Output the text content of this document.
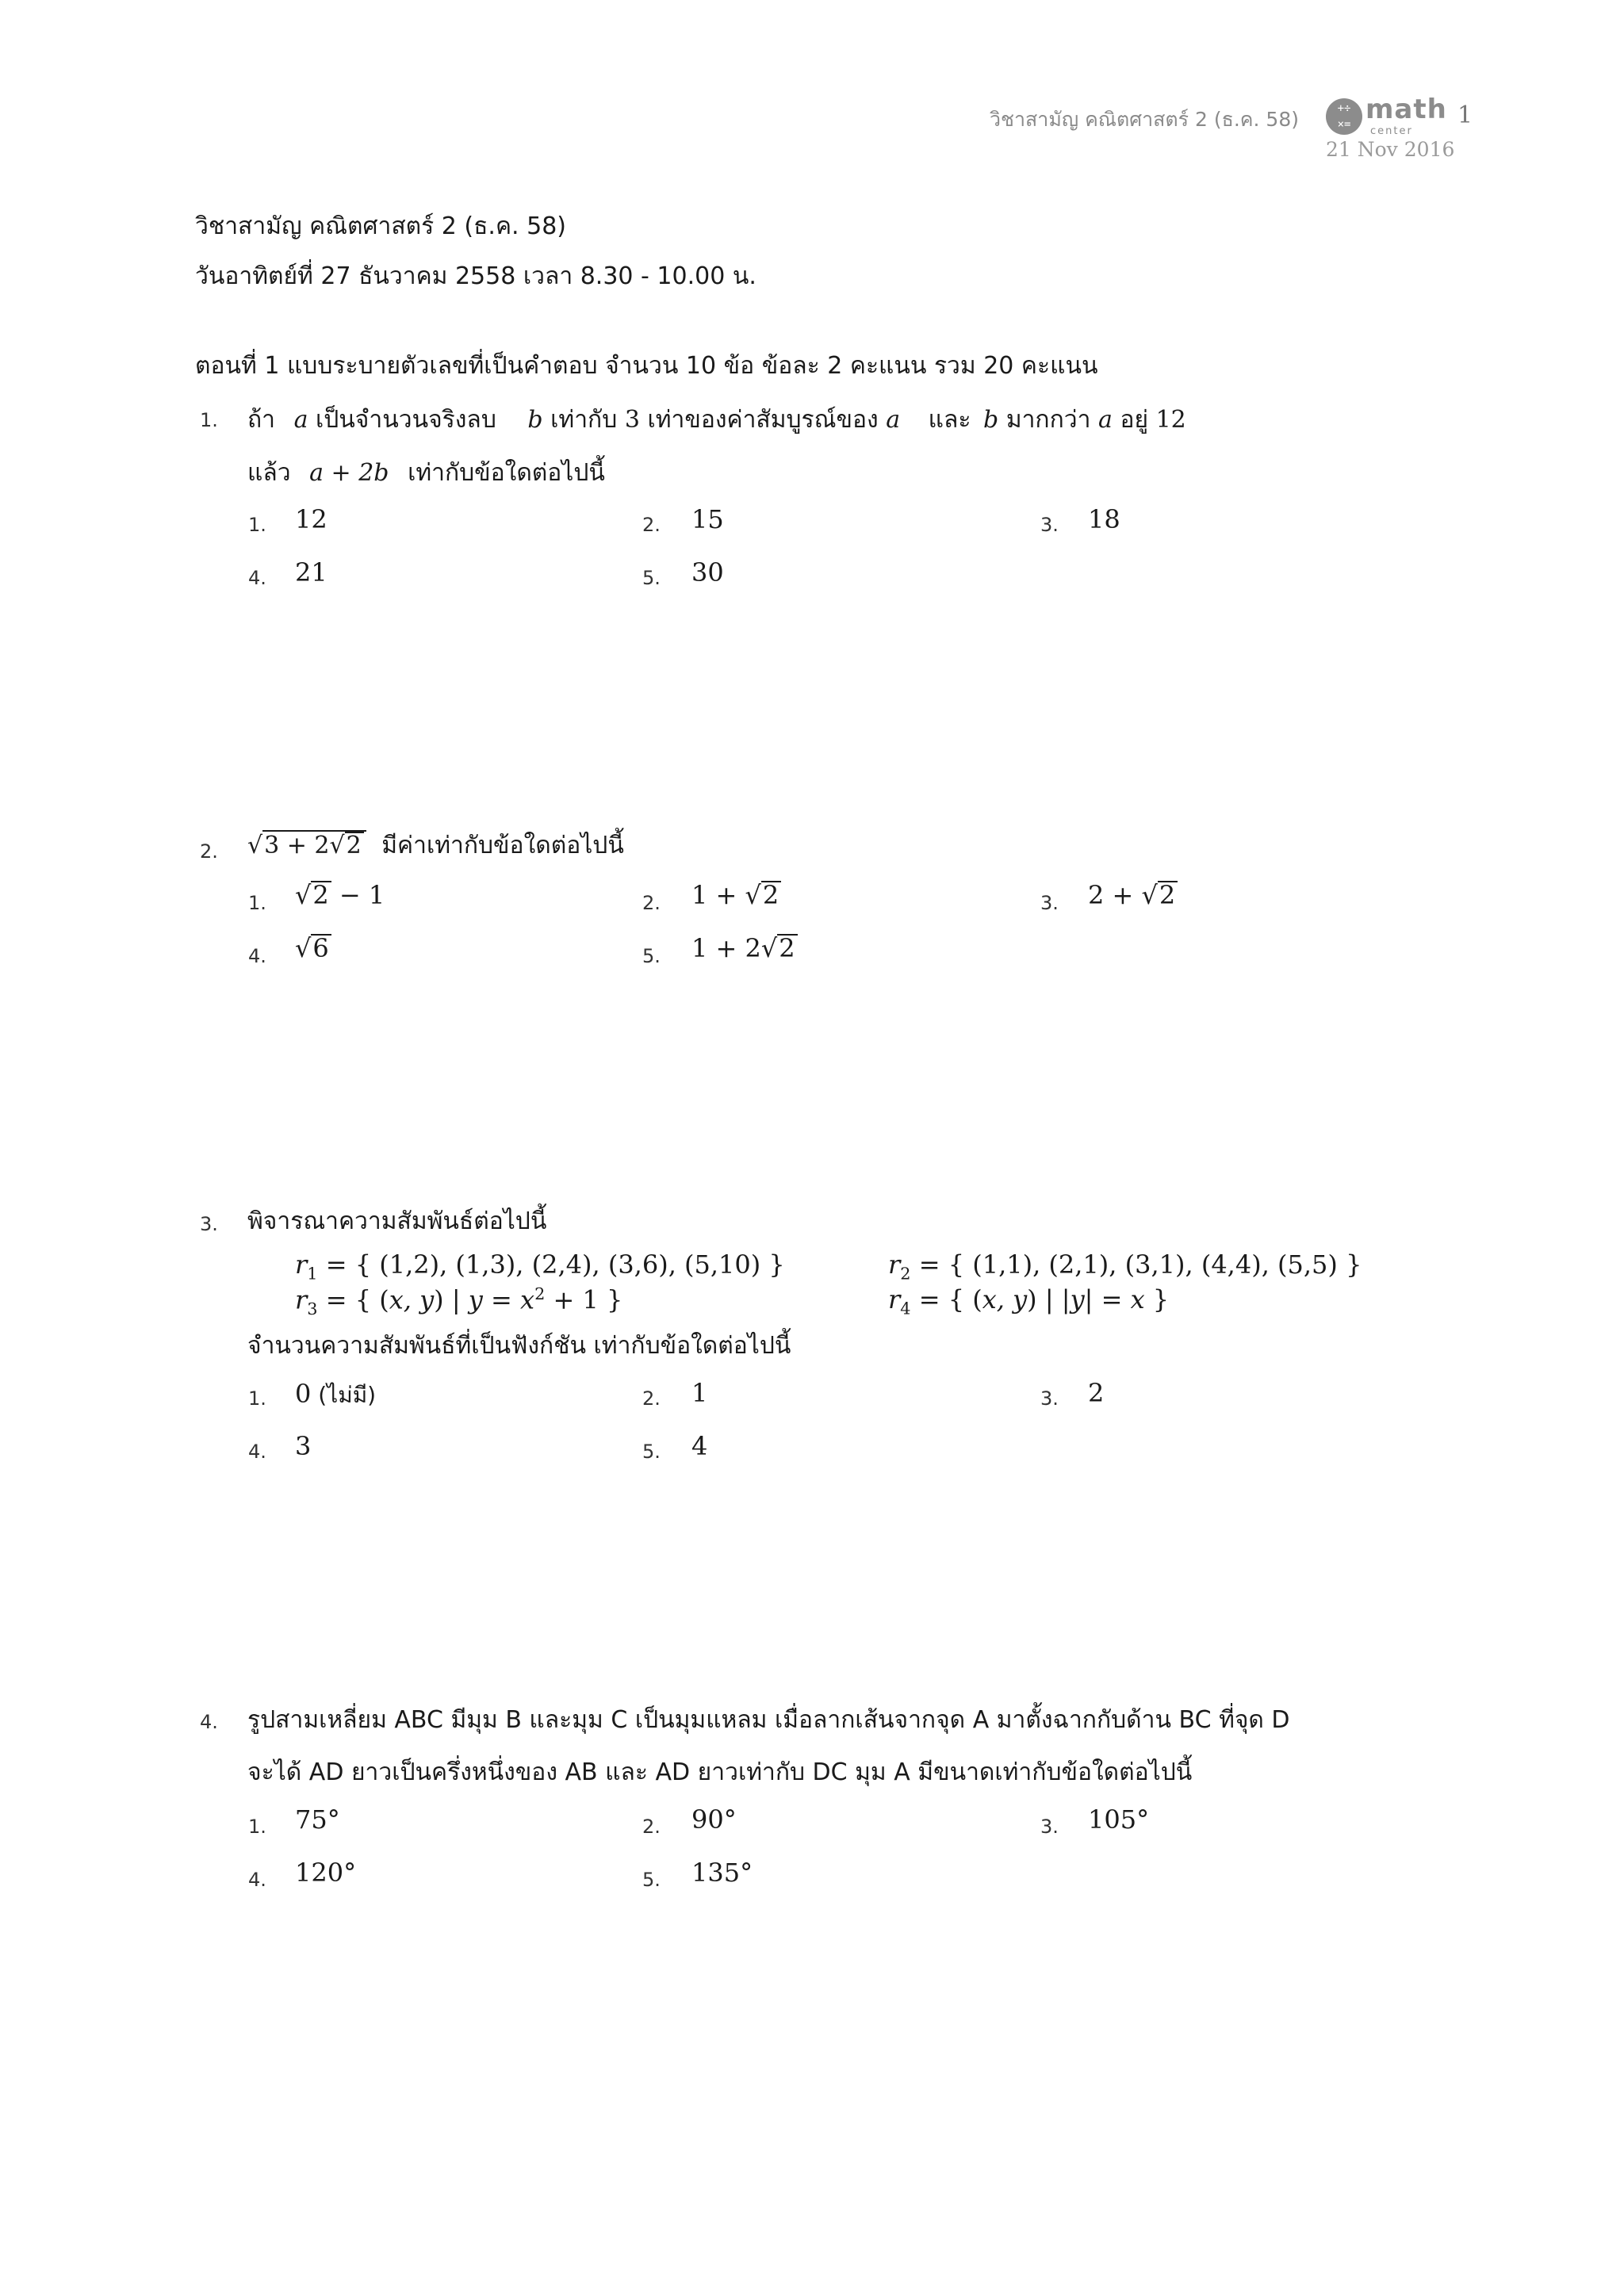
วิชาสามัญ คณิตศาสตร์ 2 (ธ.ค. 58)	+÷
×= math
center
1
21 Nov 2016
วิชาสามัญ คณิตศาสตร์ 2 (ธ.ค. 58)
วันอาทิตย์ที่ 27 ธันวาคม 2558 เวลา 8.30 - 10.00 น.
ตอนที่ 1 แบบระบายตัวเลขที่เป็นคำตอบ จำนวน 10 ข้อ ข้อละ 2 คะแนน รวม 20 คะแนน
1. ถ้า a เป็นจำนวนจริงลบ b เท่ากับ 3 เท่าของค่าสัมบูรณ์ของ a และ b มากกว่า a อยู่ 12
แล้ว a + 2b เท่ากับข้อใดต่อไปนี้
1. 12	2. 15	3. 18
4. 21	5. 30
2. √3 + 2√2 มีค่าเท่ากับข้อใดต่อไปนี้
1. √2 − 1	2. 1 + √2	3. 2 + √2
4. √6	5. 1 + 2√2
3. พิจารณาความสัมพันธ์ต่อไปนี้
$r_1$ = { (1,2), (1,3), (2,4), (3,6), (5,10) }	$r_2$ = { (1,1), (2,1), (3,1), (4,4), (5,5) }
$r_3$ = { (x, y) | $y = x^2 + 1$ }	$r_4$ = { (x, y) | |y| = x }
จำนวนความสัมพันธ์ที่เป็นฟังก์ชัน เท่ากับข้อใดต่อไปนี้
1. 0 (ไม่มี)	2. 1	3. 2
4. 3	5. 4
4. รูปสามเหลี่ยม ABC มีมุม B และมุม C เป็นมุมแหลม เมื่อลากเส้นจากจุด A มาตั้งฉากกับด้าน BC ที่จุด D
จะได้ AD ยาวเป็นครึ่งหนึ่งของ AB และ AD ยาวเท่ากับ DC มุม A มีขนาดเท่ากับข้อใดต่อไปนี้
1. 75°	2. 90°	3. 105°
4. 120°	5. 135°
